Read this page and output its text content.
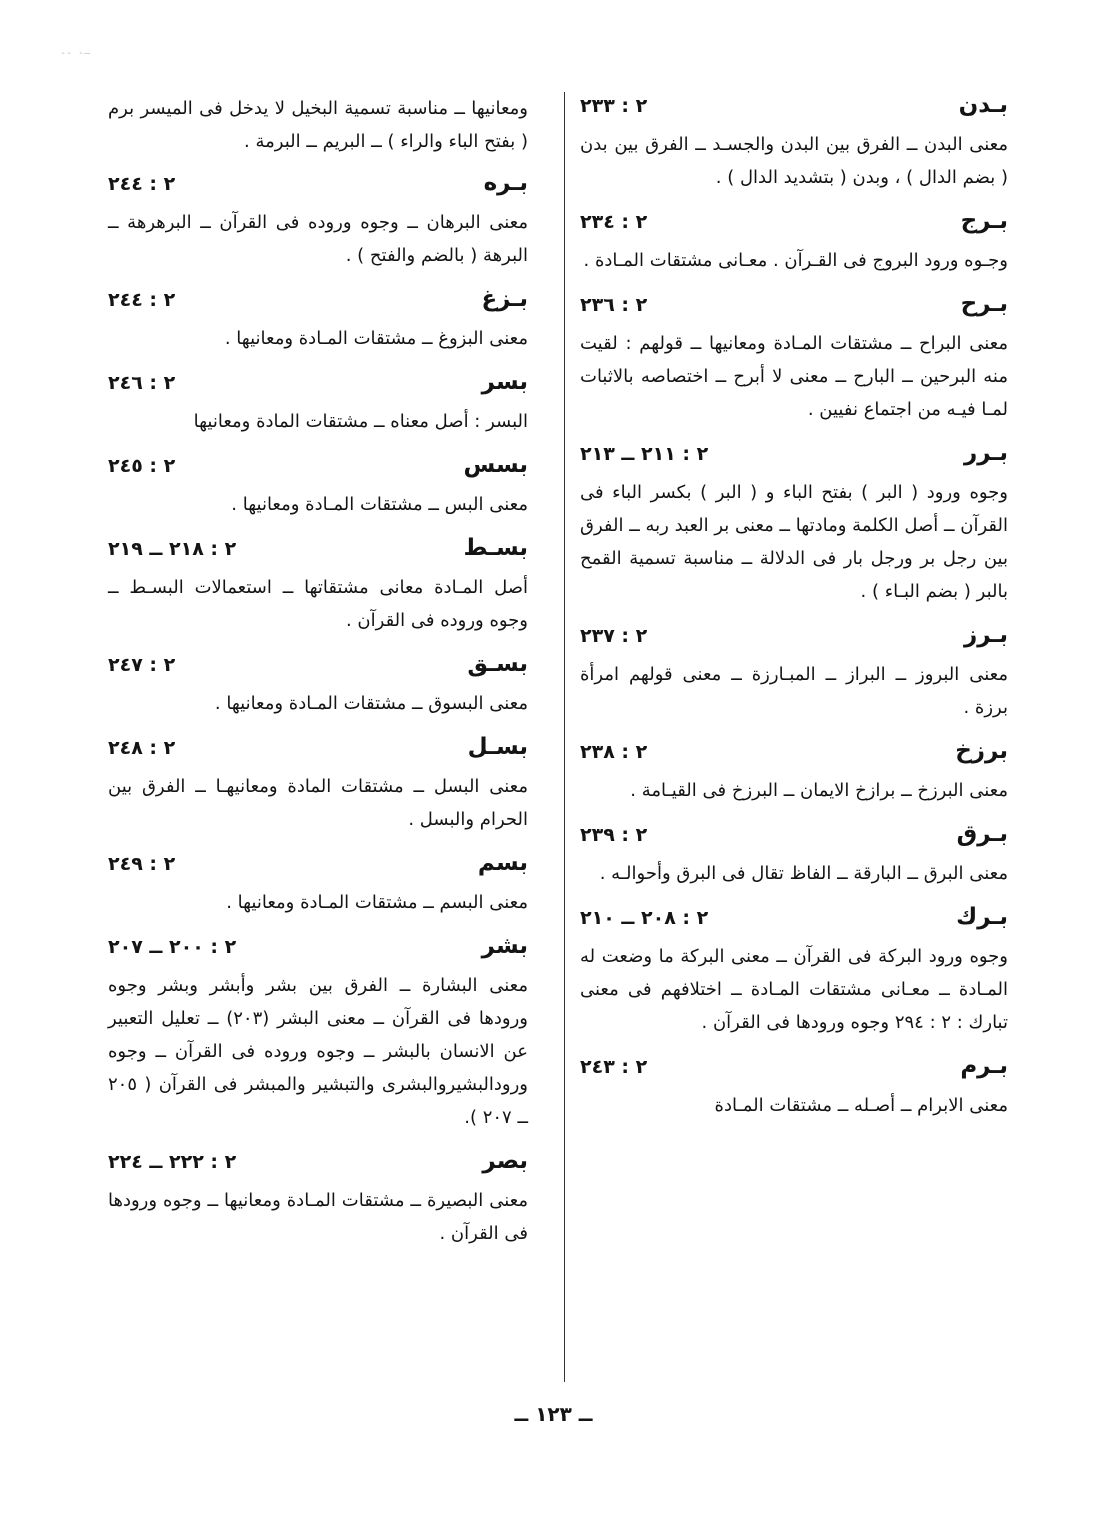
-- -—
بـدن
٢ : ٢٣٣
معنى البدن ــ الفرق بين البدن والجسـد ــ الفرق بين بدن ( بضم الدال ) ، وبدن ( بتشديد الدال ) .
بـرج
٢ : ٢٣٤
وجـوه ورود البروج فى القـرآن . معـانى مشتقات المـادة .
بـرح
٢ : ٢٣٦
معنى البراح ــ مشتقات المـادة ومعانيها ــ قولهم : لقيت منه البرحين ــ البارح ــ معنى لا أبرح ــ اختصاصه بالاثبات لمـا فيـه من اجتماع نفيين .
بـرر
٢ : ٢١١ ــ ٢١٣
وجوه ورود ( البر ) بفتح الباء و ( البر ) بكسر الباء فى القرآن ــ أصل الكلمة ومادتها ــ معنى بر العبد ربه ــ الفرق بين رجل بر ورجل بار فى الدلالة ــ مناسبة تسمية القمح بالبر ( بضم البـاء ) .
بـرز
٢ : ٢٣٧
معنى البروز ــ البراز ــ المبـارزة ــ معنى قولهم امرأة برزة .
برزخ
٢ : ٢٣٨
معنى البرزخ ــ برازخ الايمان ــ البرزخ فى القيـامة .
بـرق
٢ : ٢٣٩
معنى البرق ــ البارقة ــ الفاظ تقال فى البرق وأحوالـه .
بـرك
٢ : ٢٠٨ ــ ٢١٠
وجوه ورود البركة فى القرآن ــ معنى البركة ما وضعت له المـادة ــ معـانى مشتقات المـادة ــ اختلافهم فى معنى تبارك : ٢ : ٢٩٤ وجوه ورودها فى القرآن .
بـرم
٢ : ٢٤٣
معنى الابرام ــ أصـله ــ مشتقات المـادة
ومعانيها ــ مناسبة تسمية البخيل لا يدخل فى الميسر برم ( بفتح الباء والراء ) ــ البريم ــ البرمة .
بـره
٢ : ٢٤٤
معنى البرهان ــ وجوه وروده فى القرآن ــ البرهرهة ــ البرهة ( بالضم والفتح ) .
بـزغ
٢ : ٢٤٤
معنى البزوغ ــ مشتقات المـادة ومعانيها .
بسر
٢ : ٢٤٦
البسر : أصل معناه ــ مشتقات المادة ومعانيها
بسس
٢ : ٢٤٥
معنى البس ــ مشتقات المـادة ومعانيها .
بسـط
٢ : ٢١٨ ــ ٢١٩
أصل المـادة معانى مشتقاتها ــ استعمالات البسـط ــ وجوه وروده فى القرآن .
بسـق
٢ : ٢٤٧
معنى البسوق ــ مشتقات المـادة ومعانيها .
بسـل
٢ : ٢٤٨
معنى البسل ــ مشتقات المادة ومعانيهـا ــ الفرق بين الحرام والبسل .
بسم
٢ : ٢٤٩
معنى البسم ــ مشتقات المـادة ومعانيها .
بشر
٢ : ٢٠٠ ــ ٢٠٧
معنى البشارة ــ الفرق بين بشر وأبشر وبشر وجوه ورودها فى القرآن ــ معنى البشر (٢٠٣) ــ تعليل التعبير عن الانسان بالبشر ــ وجوه وروده فى القرآن ــ وجوه ورودالبشيروالبشرى والتبشير والمبشر فى القرآن ( ٢٠٥ ــ ٢٠٧ ).
بصر
٢ : ٢٢٢ ــ ٢٢٤
معنى البصيرة ــ مشتقات المـادة ومعانيها ــ وجوه ورودها فى القرآن .
ــ ١٢٣ ــ
